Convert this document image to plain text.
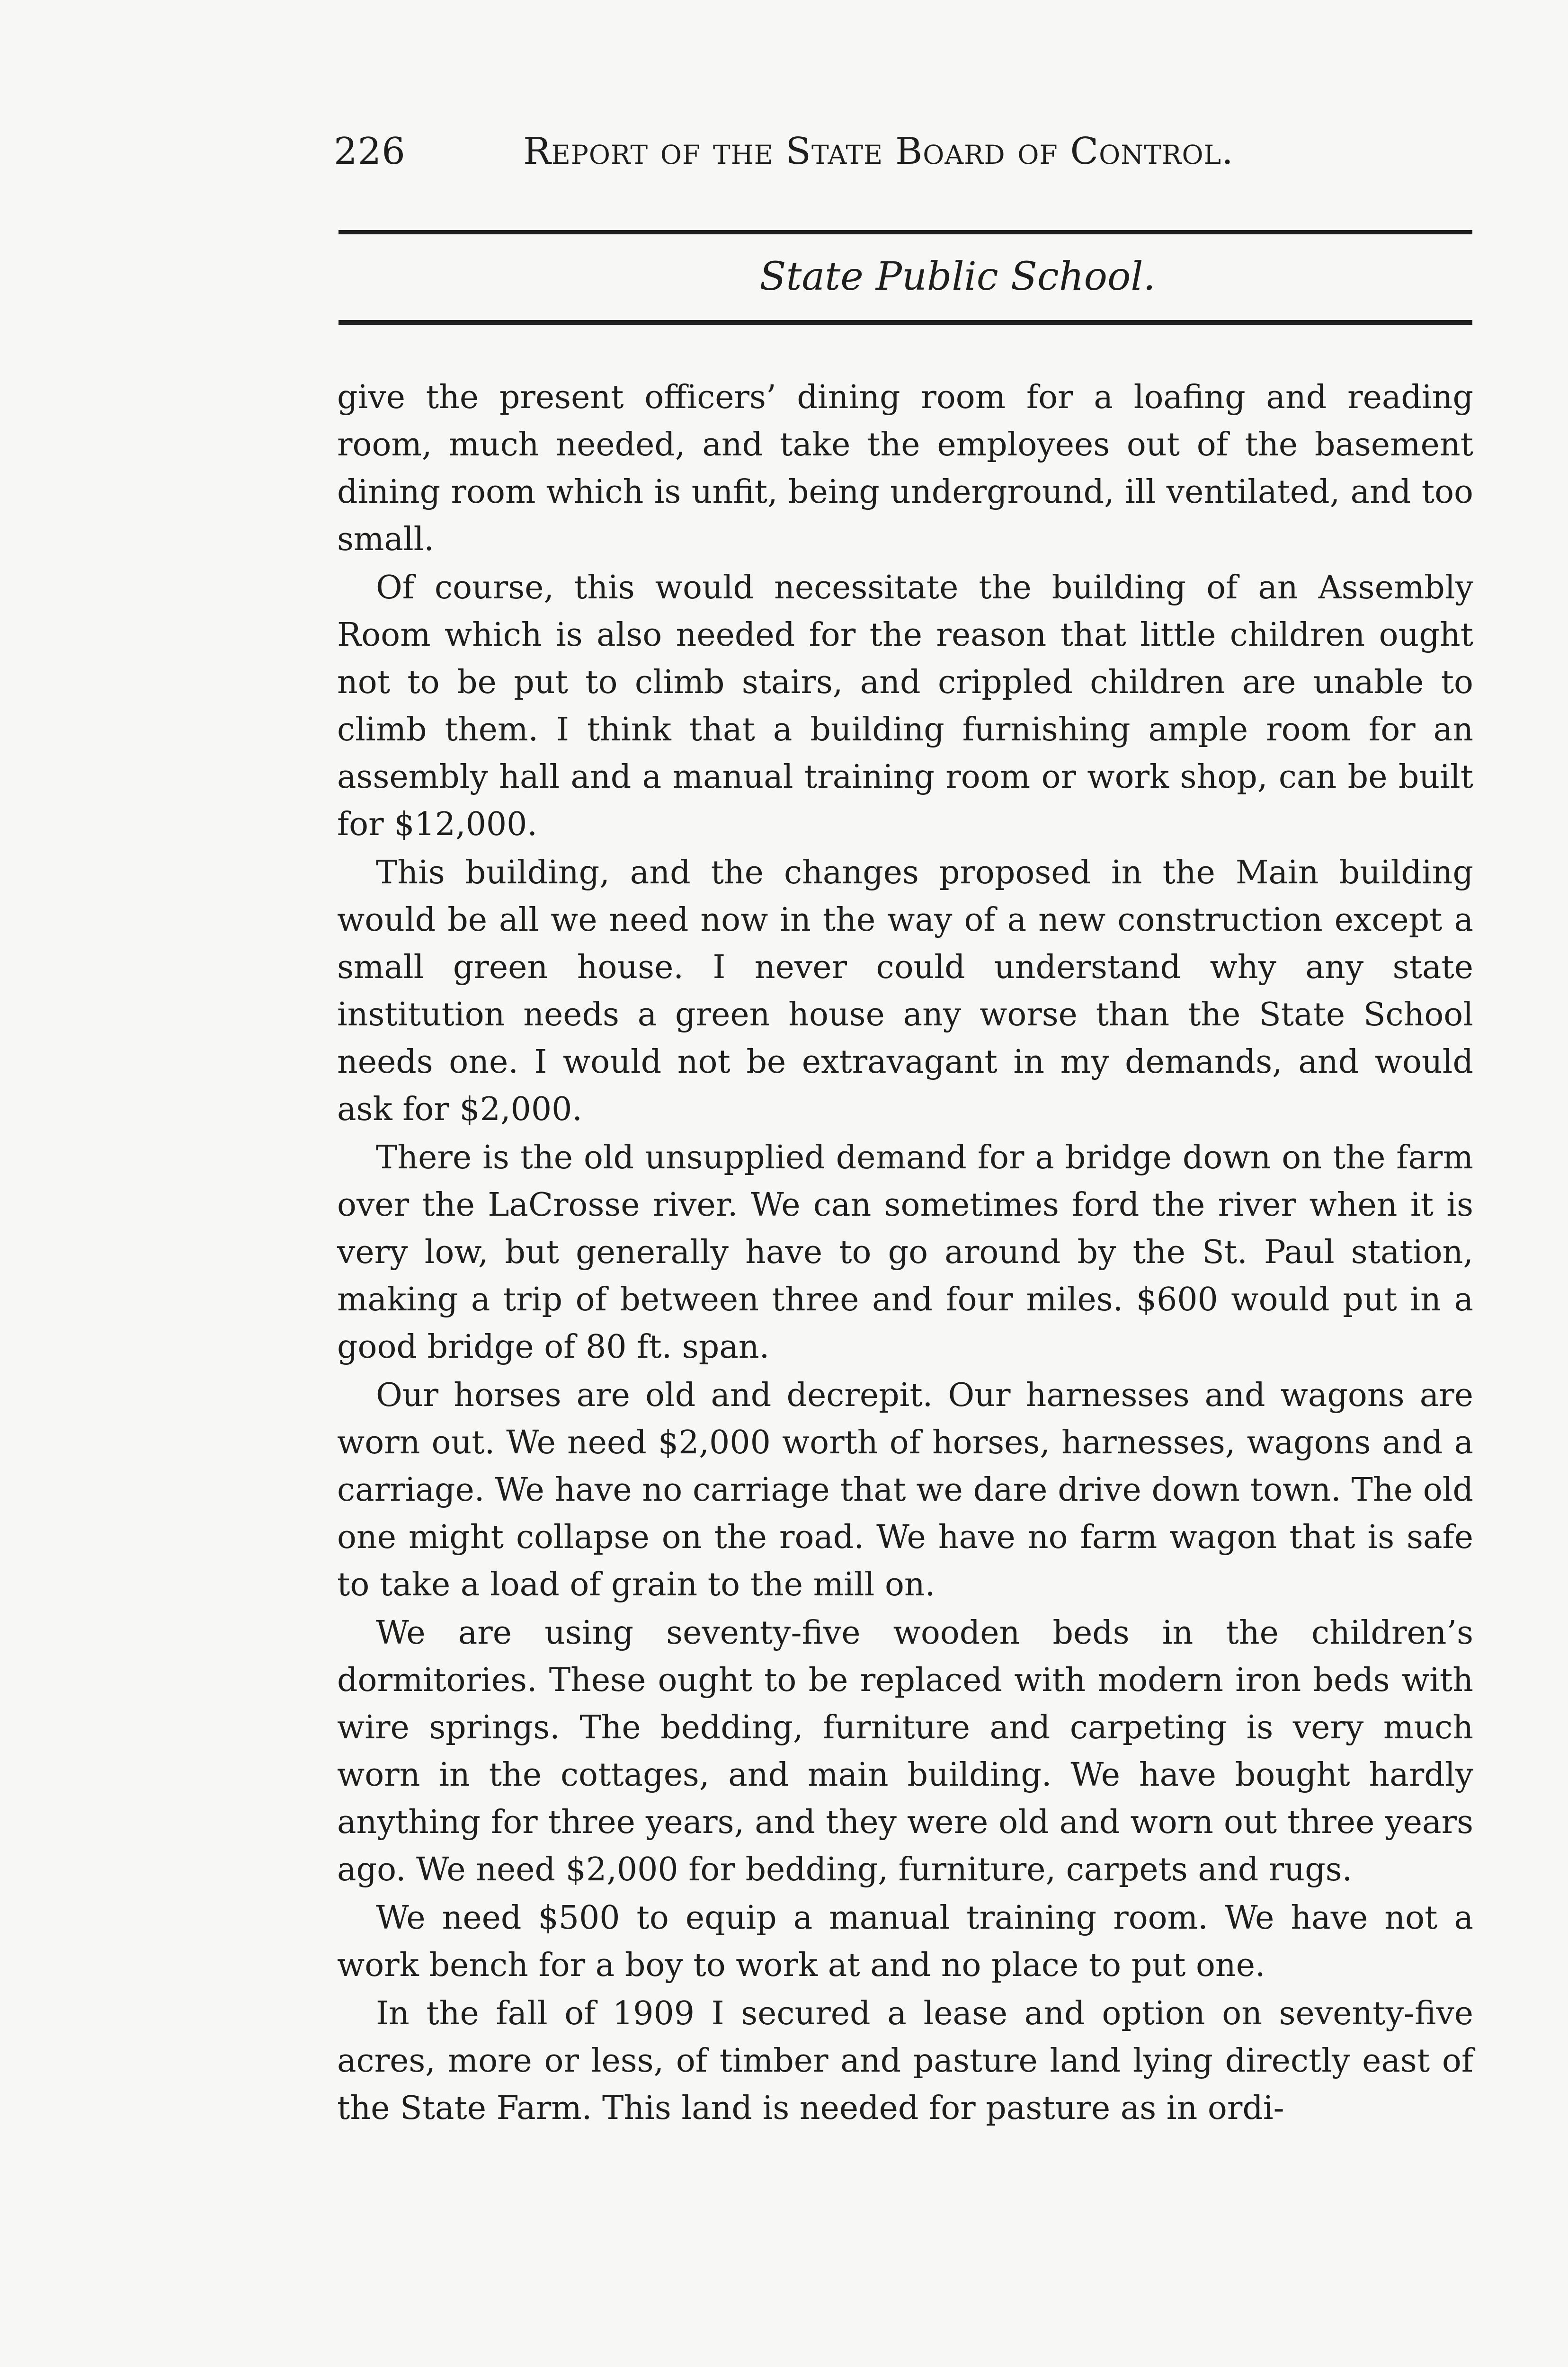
226	Report of the State Board of Control.
State Public School.

give the present officers’ dining room for a loafing and reading room, much needed, and take the employees out of the basement dining room which is unfit, being underground, ill ventilated, and too small.

Of course, this would necessitate the building of an Assembly Room which is also needed for the reason that little children ought not to be put to climb stairs, and crippled children are unable to climb them. I think that a building furnishing ample room for an assembly hall and a manual training room or work shop, can be built for $12,000.

This building, and the changes proposed in the Main building would be all we need now in the way of a new construction except a small green house. I never could understand why any state institution needs a green house any worse than the State School needs one. I would not be extravagant in my demands, and would ask for $2,000.

There is the old unsupplied demand for a bridge down on the farm over the LaCrosse river. We can sometimes ford the river when it is very low, but generally have to go around by the St. Paul station, making a trip of between three and four miles. $600 would put in a good bridge of 80 ft. span.

Our horses are old and decrepit. Our harnesses and wagons are worn out. We need $2,000 worth of horses, harnesses, wagons and a carriage. We have no carriage that we dare drive down town. The old one might collapse on the road. We have no farm wagon that is safe to take a load of grain to the mill on.

We are using seventy-five wooden beds in the children’s dormitories. These ought to be replaced with modern iron beds with wire springs. The bedding, furniture and carpeting is very much worn in the cottages, and main building. We have bought hardly anything for three years, and they were old and worn out three years ago. We need $2,000 for bedding, furniture, carpets and rugs.

We need $500 to equip a manual training room. We have not a work bench for a boy to work at and no place to put one.

In the fall of 1909 I secured a lease and option on seventy-five acres, more or less, of timber and pasture land lying directly east of the State Farm. This land is needed for pasture as in ordi-
